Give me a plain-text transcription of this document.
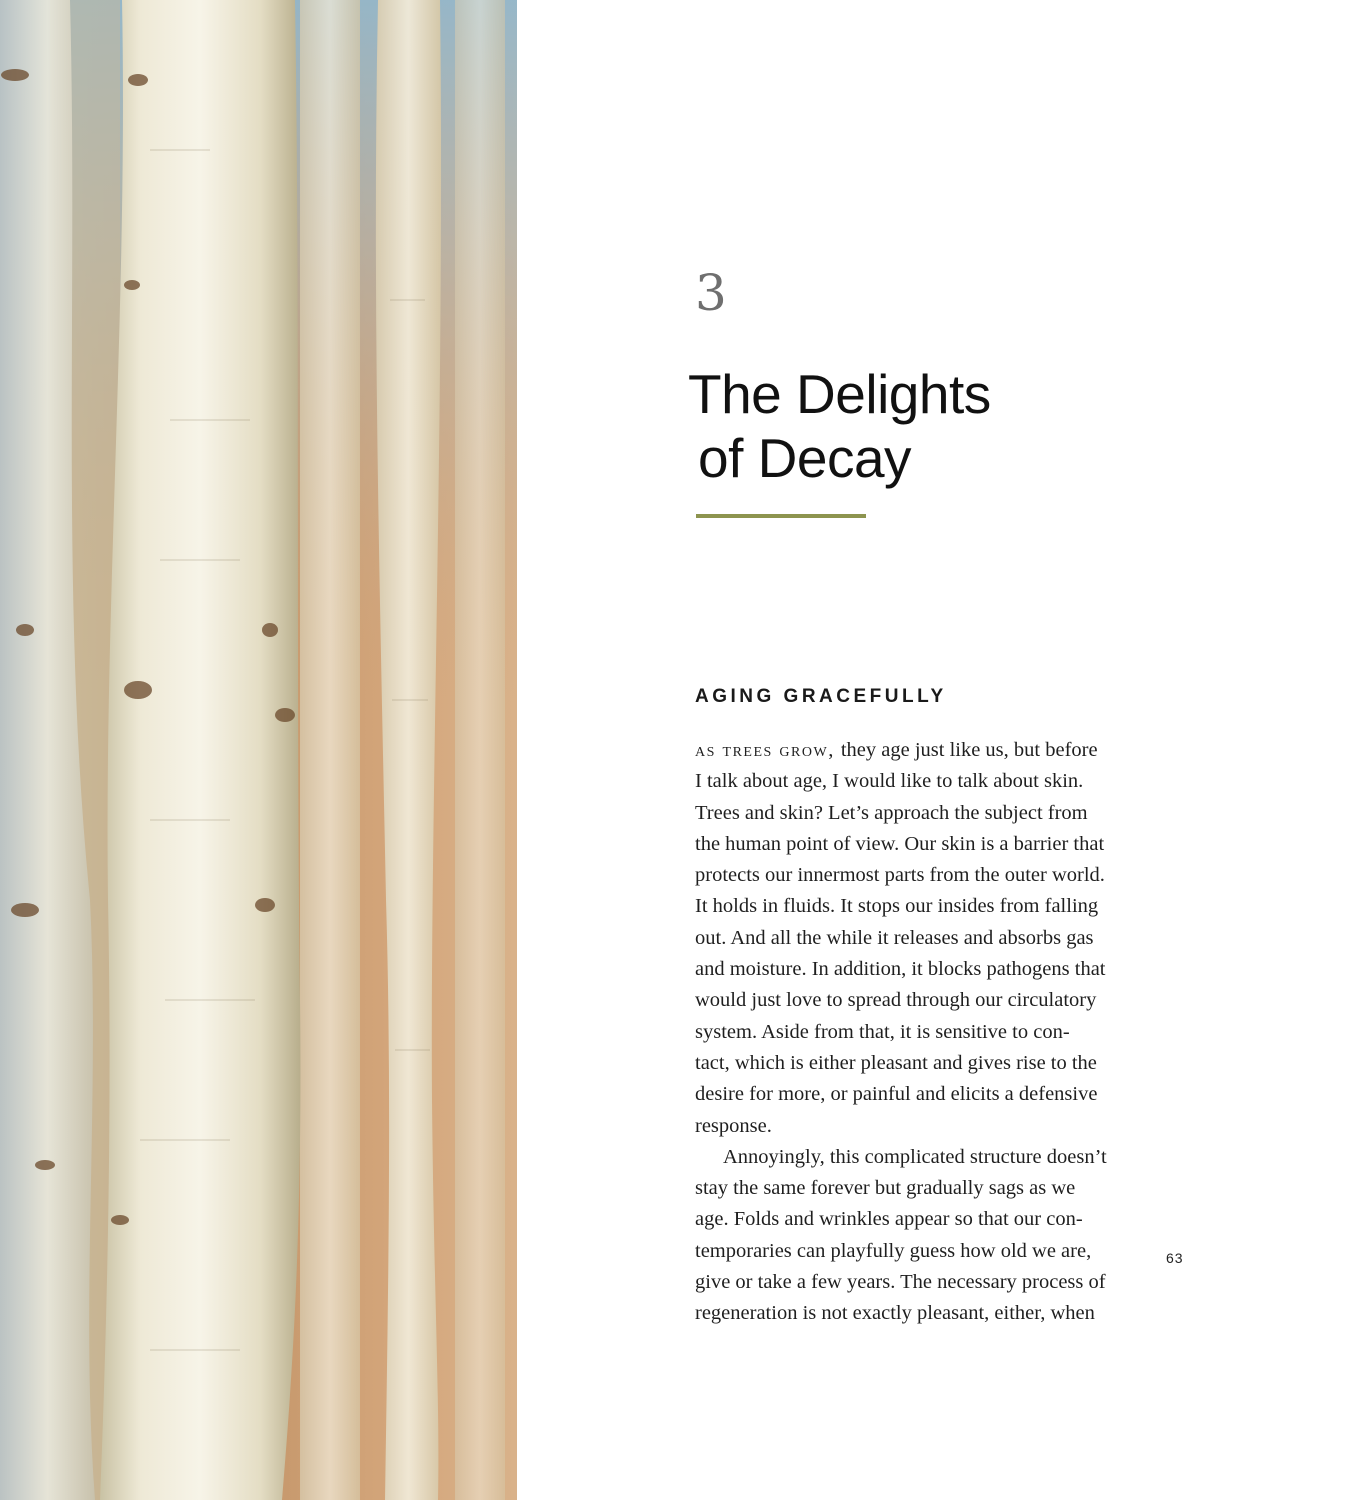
3
The Delights
of Decay
AGING GRACEFULLY
as trees grow, they age just like us, but before
I talk about age, I would like to talk about skin.
Trees and skin? Let’s approach the subject from
the human point of view. Our skin is a barrier that
protects our innermost parts from the outer world.
It holds in fluids. It stops our insides from falling
out. And all the while it releases and absorbs gas
and moisture. In addition, it blocks pathogens that
would just love to spread through our circulatory
system. Aside from that, it is sensitive to con-
tact, which is either pleasant and gives rise to the
desire for more, or painful and elicits a defensive
response.
Annoyingly, this complicated structure doesn’t
stay the same forever but gradually sags as we
age. Folds and wrinkles appear so that our con-
temporaries can playfully guess how old we are,
give or take a few years. The necessary process of
regeneration is not exactly pleasant, either, when
63
